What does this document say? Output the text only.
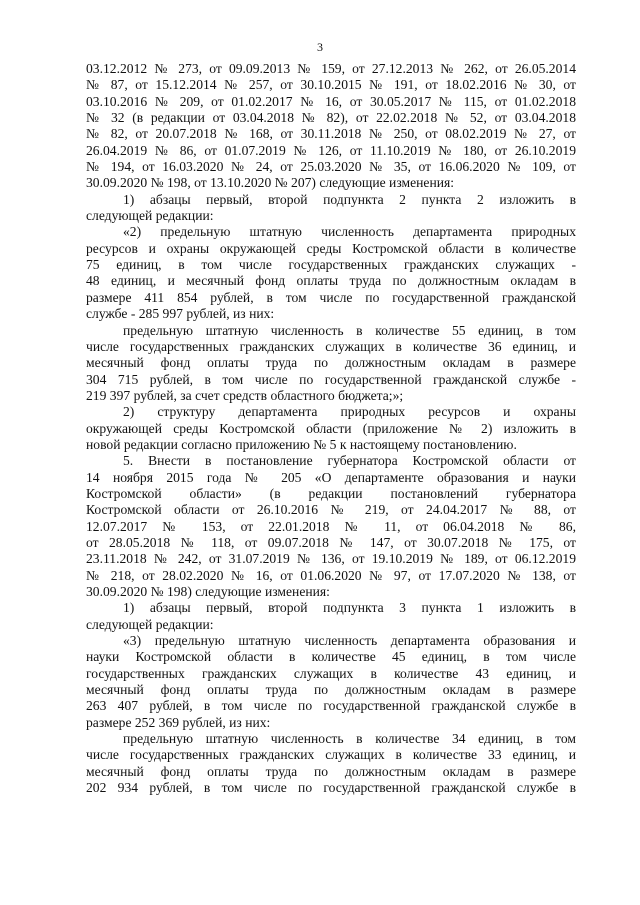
3
03.12.2012 № 273, от 09.09.2013 № 159, от 27.12.2013 № 262, от 26.05.2014
№ 87, от 15.12.2014 № 257, от 30.10.2015 № 191, от 18.02.2016 № 30, от
03.10.2016 № 209, от 01.02.2017 № 16, от 30.05.2017 № 115, от 01.02.2018
№ 32 (в редакции от 03.04.2018 № 82), от 22.02.2018 № 52, от 03.04.2018
№ 82, от 20.07.2018 № 168, от 30.11.2018 № 250, от 08.02.2019 № 27, от
26.04.2019 № 86, от 01.07.2019 № 126, от 11.10.2019 № 180, от 26.10.2019
№ 194, от 16.03.2020 № 24, от 25.03.2020 № 35, от 16.06.2020 № 109, от
30.09.2020 № 198, от 13.10.2020 № 207) следующие изменения:
1) абзацы первый, второй подпункта 2 пункта 2 изложить в
следующей редакции:
«2) предельную штатную численность департамента природных
ресурсов и охраны окружающей среды Костромской области в количестве
75 единиц, в том числе государственных гражданских служащих -
48 единиц, и месячный фонд оплаты труда по должностным окладам в
размере 411 854 рублей, в том числе по государственной гражданской
службе - 285 997 рублей, из них:
предельную штатную численность в количестве 55 единиц, в том
числе государственных гражданских служащих в количестве 36 единиц, и
месячный фонд оплаты труда по должностным окладам в размере
304 715 рублей, в том числе по государственной гражданской службе -
219 397 рублей, за счет средств областного бюджета;»;
2) структуру департамента природных ресурсов и охраны
окружающей среды Костромской области (приложение № 2) изложить в
новой редакции согласно приложению № 5 к настоящему постановлению.
5. Внести в постановление губернатора Костромской области от
14 ноября 2015 года № 205 «О департаменте образования и науки
Костромской области» (в редакции постановлений губернатора
Костромской области от 26.10.2016 № 219, от 24.04.2017 № 88, от
12.07.2017 № 153, от 22.01.2018 № 11, от 06.04.2018 № 86,
от 28.05.2018 № 118, от 09.07.2018 № 147, от 30.07.2018 № 175, от
23.11.2018 № 242, от 31.07.2019 № 136, от 19.10.2019 № 189, от 06.12.2019
№ 218, от 28.02.2020 № 16, от 01.06.2020 № 97, от 17.07.2020 № 138, от
30.09.2020 № 198) следующие изменения:
1) абзацы первый, второй подпункта 3 пункта 1 изложить в
следующей редакции:
«3) предельную штатную численность департамента образования и
науки Костромской области в количестве 45 единиц, в том числе
государственных гражданских служащих в количестве 43 единиц, и
месячный фонд оплаты труда по должностным окладам в размере
263 407 рублей, в том числе по государственной гражданской службе в
размере 252 369 рублей, из них:
предельную штатную численность в количестве 34 единиц, в том
числе государственных гражданских служащих в количестве 33 единиц, и
месячный фонд оплаты труда по должностным окладам в размере
202 934 рублей, в том числе по государственной гражданской службе в
